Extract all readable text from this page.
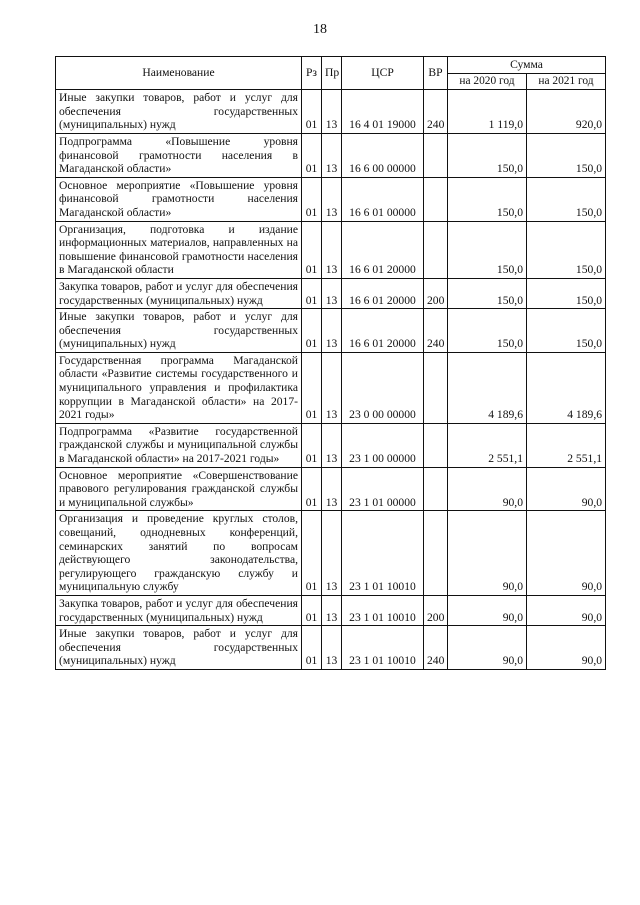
18
Наименование	Рз	Пр	ЦСР	ВР	Сумма	
					на 2020 год	на 2021 год
Иные закупки товаров, работ и услуг для обеспечения государственных (муниципальных) нужд	01	13	16 4 01 19000	240	1 119,0	920,0
Подпрограмма «Повышение уровня финансовой грамотности населения в Магаданской области»	01	13	16 6 00 00000		150,0	150,0
Основное мероприятие «Повышение уровня финансовой грамотности населения Магаданской области»	01	13	16 6 01 00000		150,0	150,0
Организация, подготовка и издание информационных материалов, направленных на повышение финансовой грамотности населения в Магаданской области	01	13	16 6 01 20000		150,0	150,0
Закупка товаров, работ и услуг для обеспечения государственных (муниципальных) нужд	01	13	16 6 01 20000	200	150,0	150,0
Иные закупки товаров, работ и услуг для обеспечения государственных (муниципальных) нужд	01	13	16 6 01 20000	240	150,0	150,0
Государственная программа Магаданской области «Развитие системы государственного и муниципального управления и профилактика коррупции в Магаданской области» на 2017-2021 годы»	01	13	23 0 00 00000		4 189,6	4 189,6
Подпрограмма «Развитие государственной гражданской службы и муниципальной службы в Магаданской области» на 2017-2021 годы»	01	13	23 1 00 00000		2 551,1	2 551,1
Основное мероприятие «Совершенствование правового регулирования гражданской службы и муниципальной службы»	01	13	23 1 01 00000		90,0	90,0
Организация и проведение круглых столов, совещаний, однодневных конференций, семинарских занятий по вопросам действующего законодательства, регулирующего гражданскую службу и муниципальную службу	01	13	23 1 01 10010		90,0	90,0
Закупка товаров, работ и услуг для обеспечения государственных (муниципальных) нужд	01	13	23 1 01 10010	200	90,0	90,0
Иные закупки товаров, работ и услуг для обеспечения государственных (муниципальных) нужд	01	13	23 1 01 10010	240	90,0	90,0
